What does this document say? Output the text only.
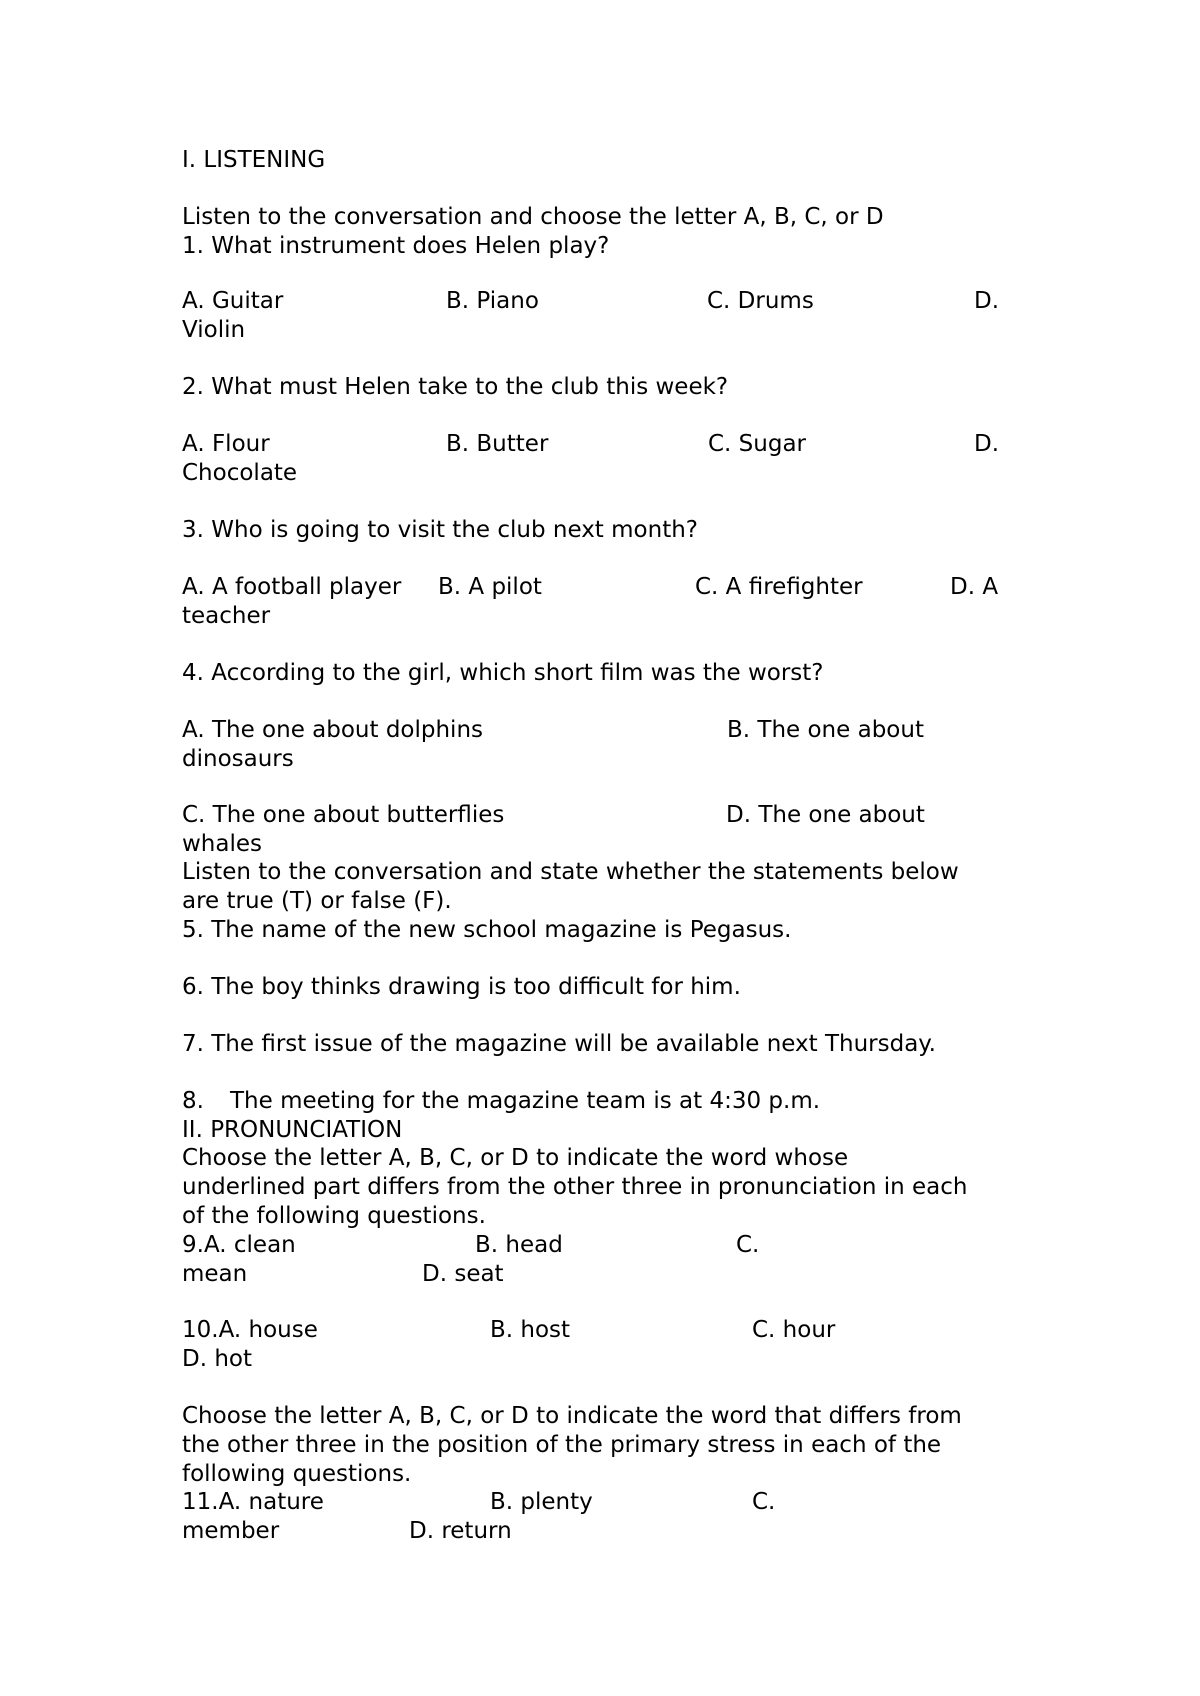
I. LISTENING

Listen to the conversation and choose the letter A, B, C, or D

1. What instrument does Helen play?

A. Guitar	B. Piano	C. Drums	D.
Violin

2. What must Helen take to the club this week?

A. Flour	B. Butter	C. Sugar	D.
Chocolate

3. Who is going to visit the club next month?

A. A football player B. A pilot	C. A firefighter	D. A
teacher

4. According to the girl, which short film was the worst?

A. The one about dolphins	B. The one about
dinosaurs
C. The one about butterflies	D. The one about
whales

Listen to the conversation and state whether the statements below

are true (T) or false (F).

5. The name of the new school magazine is Pegasus.

6. The boy thinks drawing is too difficult for him.

7. The first issue of the magazine will be available next Thursday.

8. The meeting for the magazine team is at 4:30 p.m.
II. PRONUNCIATION

Choose the letter A, B, C, or D to indicate the word whose

underlined part differs from the other three in pronunciation in each

of the following questions.

9.A. clean	B. head	C.
mean	D. seat
10.A. house	B. host	C. hour
D. hot

Choose the letter A, B, C, or D to indicate the word that differs from

the other three in the position of the primary stress in each of the

following questions.

11.A. nature	B. plenty	C.
member	D. return
